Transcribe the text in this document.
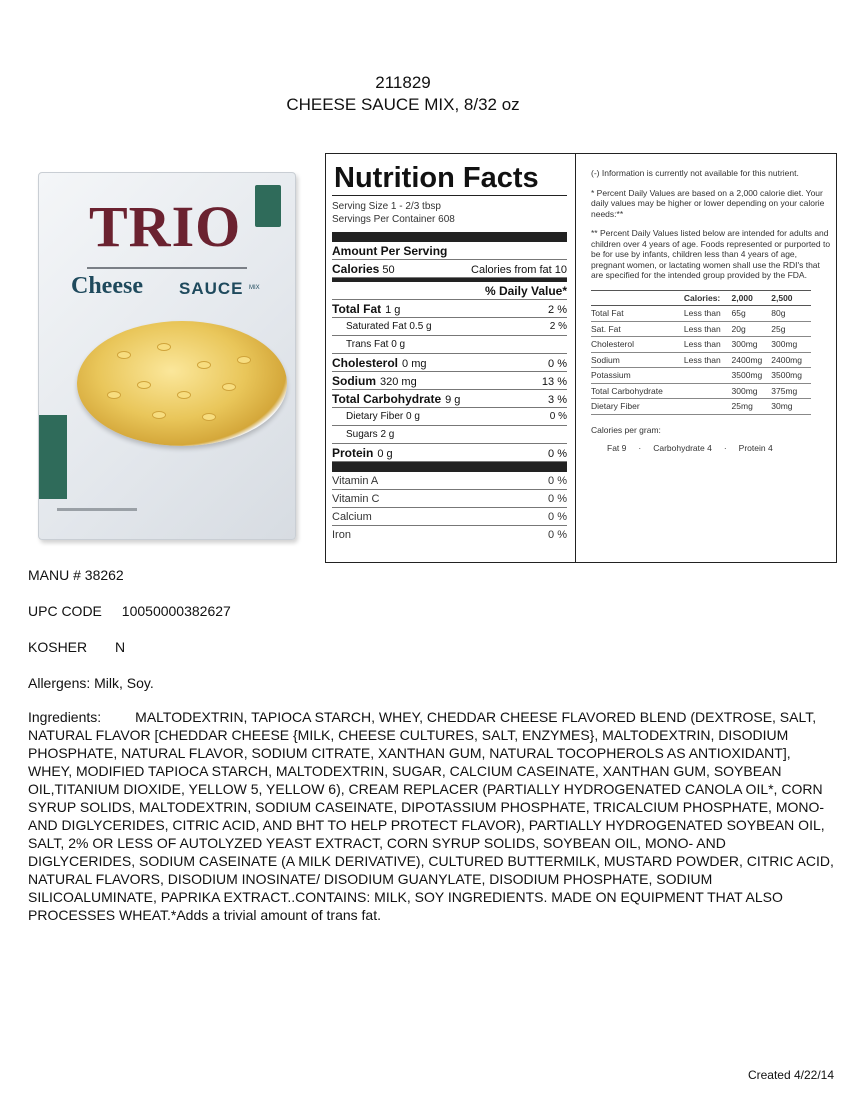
211829
CHEESE SAUCE MIX, 8/32 oz
TRIO
Cheese SAUCE MIX
Nutrition Facts
Serving Size 1 - 2/3 tbsp
Servings Per Container 608
Amount Per Serving
Calories 50	Calories from fat 10
% Daily Value*
Total Fat 1 g	2 %
Saturated Fat 0.5 g	2 %
Trans Fat 0 g
Cholesterol 0 mg	0 %
Sodium 320 mg	13 %
Total Carbohydrate 9 g	3 %
Dietary Fiber 0 g	0 %
Sugars 2 g
Protein 0 g	0 %
Vitamin A	0 %
Vitamin C	0 %
Calcium	0 %
Iron	0 %

(-) Information is currently not available for this nutrient.

* Percent Daily Values are based on a 2,000 calorie diet. Your daily values may be higher or lower depending on your calorie needs:**

** Percent Daily Values listed below are intended for adults and children over 4 years of age. Foods represented or purported to be for use by infants, children less than 4 years of age, pregnant women, or lactating women shall use the RDI's that are specified for the intended group provided by the FDA.

	Calories:	2,000	2,500
Total Fat	Less than	65g	80g
Sat. Fat	Less than	20g	25g
Cholesterol	Less than	300mg	300mg
Sodium	Less than	2400mg	2400mg
Potassium		3500mg	3500mg
Total Carbohydrate		300mg	375mg
Dietary Fiber		25mg	30mg
Calories per gram:
Fat 9 · Carbohydrate 4 · Protein 4
MANU # 38262
UPC CODE 10050000382627
KOSHER N
Allergens: Milk, Soy.
Ingredients: MALTODEXTRIN, TAPIOCA STARCH, WHEY, CHEDDAR CHEESE FLAVORED BLEND (DEXTROSE, SALT, NATURAL FLAVOR [CHEDDAR CHEESE {MILK, CHEESE CULTURES, SALT, ENZYMES}, MALTODEXTRIN, DISODIUM PHOSPHATE, NATURAL FLAVOR, SODIUM CITRATE, XANTHAN GUM, NATURAL TOCOPHEROLS AS ANTIOXIDANT], WHEY, MODIFIED TAPIOCA STARCH, MALTODEXTRIN, SUGAR, CALCIUM CASEINATE, XANTHAN GUM, SOYBEAN OIL,TITANIUM DIOXIDE, YELLOW 5, YELLOW 6), CREAM REPLACER (PARTIALLY HYDROGENATED CANOLA OIL*, CORN SYRUP SOLIDS, MALTODEXTRIN, SODIUM CASEINATE, DIPOTASSIUM PHOSPHATE, TRICALCIUM PHOSPHATE, MONO- AND DIGLYCERIDES, CITRIC ACID, AND BHT TO HELP PROTECT FLAVOR), PARTIALLY HYDROGENATED SOYBEAN OIL, SALT, 2% OR LESS OF AUTOLYZED YEAST EXTRACT, CORN SYRUP SOLIDS, SOYBEAN OIL, MONO- AND DIGLYCERIDES, SODIUM CASEINATE (A MILK DERIVATIVE), CULTURED BUTTERMILK, MUSTARD POWDER, CITRIC ACID, NATURAL FLAVORS, DISODIUM INOSINATE/ DISODIUM GUANYLATE, DISODIUM PHOSPHATE, SODIUM SILICOALUMINATE, PAPRIKA EXTRACT..CONTAINS: MILK, SOY INGREDIENTS. MADE ON EQUIPMENT THAT ALSO PROCESSES WHEAT.*Adds a trivial amount of trans fat.
Created 4/22/14
